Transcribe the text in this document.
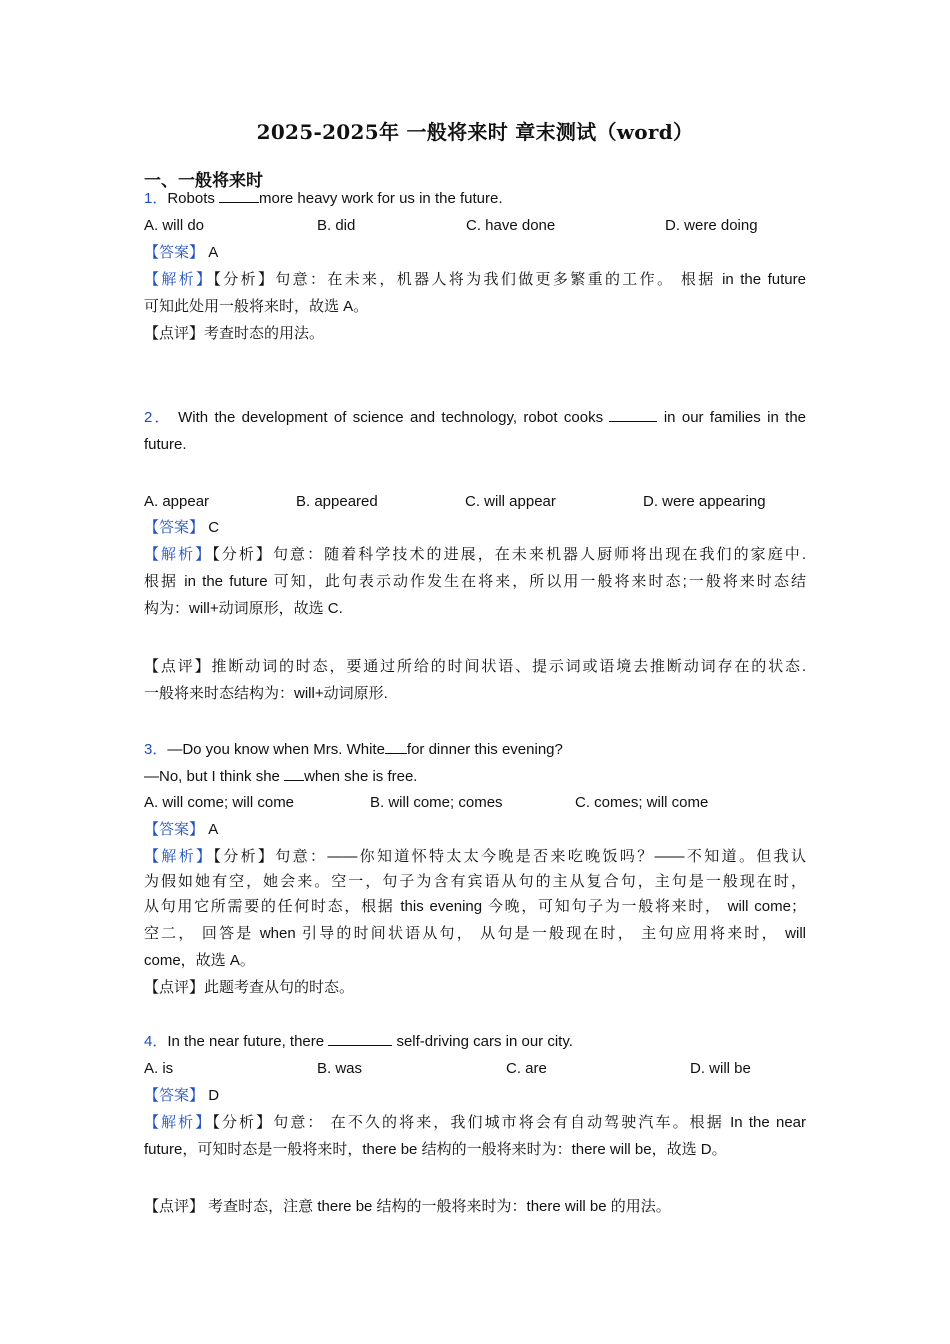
2025-2025年 一般将来时 章末测试（word）
一、一般将来时
1．Robots	more heavy work for us in the future.
A. will do	B. did	C. have done	D. were doing
【答案】 A
【解析】【分析】句意：在未来，机器人将为我们做更多繁重的工作。 根据 in the future
可知此处用一般将来时，故选 A。
【点评】考查时态的用法。
2． With the development of science and technology, robot cooks	in our families in the
future.
A. appear	B. appeared	C. will appear	D. were appearing
【答案】 C
【解析】【分析】句意：随着科学技术的进展，在未来机器人厨师将出现在我们的家庭中.
根据 in the future 可知，此句表示动作发生在将来，所以用一般将来时态;一般将来时态结
构为：will+动词原形，故选 C.
【点评】推断动词的时态，要通过所给的时间状语、提示词或语境去推断动词存在的状态.
一般将来时态结构为：will+动词原形.
3．—Do you know when Mrs. White for dinner this evening?
—No, but I think she when she is free.
A. will come; will come	B. will come; comes	C. comes; will come
【答案】 A
【解析】【分析】句意：——你知道怀特太太今晚是否来吃晚饭吗？——不知道。但我认
为假如她有空，她会来。空一，句子为含有宾语从句的主从复合句，主句是一般现在时，
从句用它所需要的任何时态，根据 this evening 今晚，可知句子为一般将来时， will come；
空二， 回答是 when 引导的时间状语从句， 从句是一般现在时， 主句应用将来时， will
come，故选 A。
【点评】此题考查从句的时态。
4．In the near future, there	self-driving cars in our city.
A. is	B. was	C. are	D. will be
【答案】 D
【解析】【分析】句意： 在不久的将来，我们城市将会有自动驾驶汽车。根据 In the near
future，可知时态是一般将来时，there be 结构的一般将来时为：there will be，故选 D。
【点评】 考查时态，注意 there be 结构的一般将来时为：there will be 的用法。
